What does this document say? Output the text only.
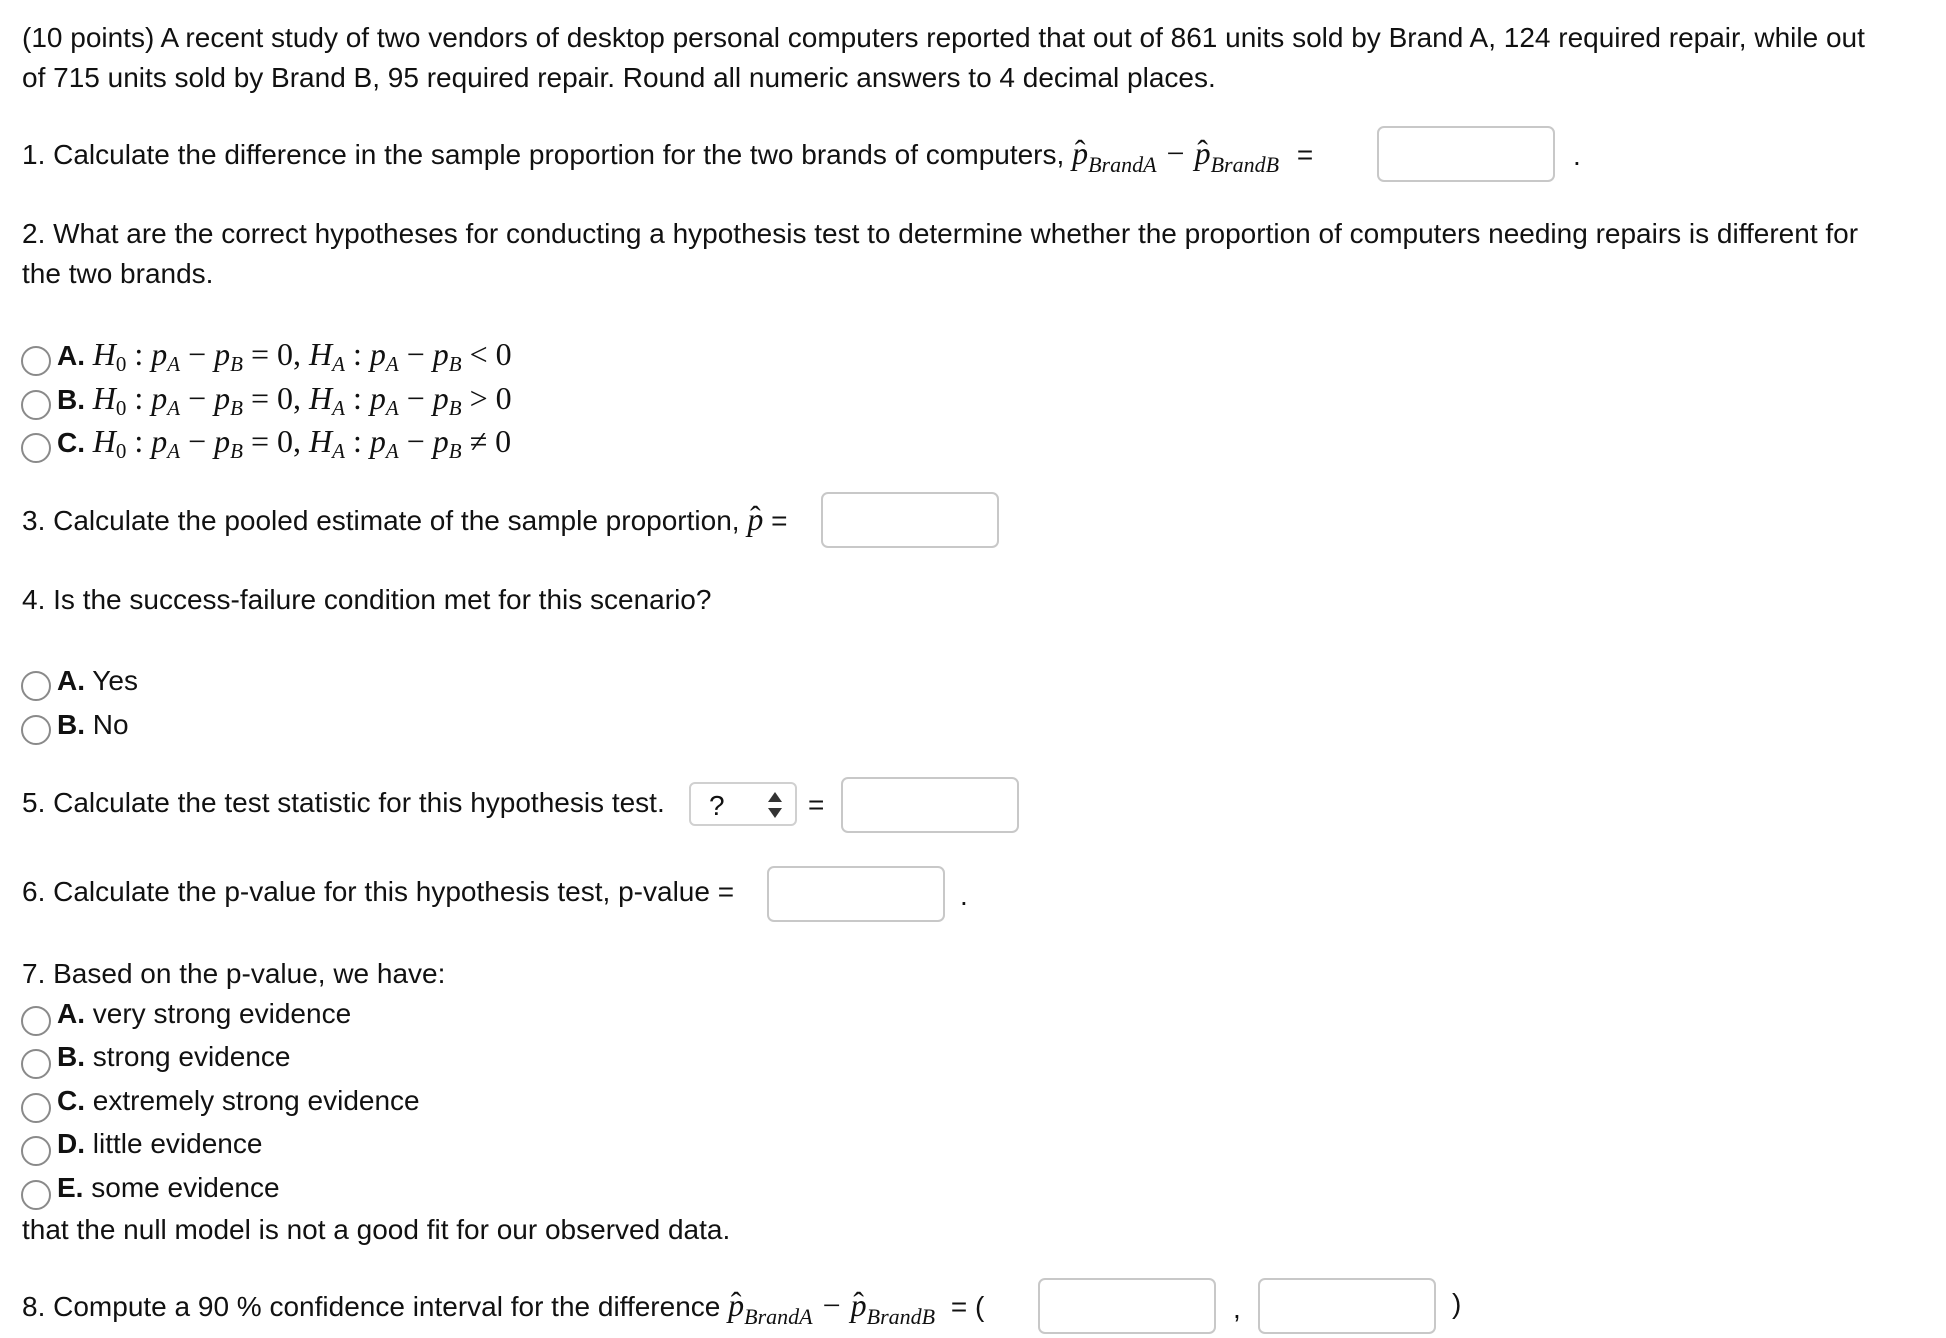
(10 points) A recent study of two vendors of desktop personal computers reported that out of 861 units sold by Brand A, 124 required repair, while out
of 715 units sold by Brand B, 95 required repair. Round all numeric answers to 4 decimal places.
1. Calculate the difference in the sample proportion for the two brands of computers, ̂ $p_{BrandA}$ − ̂ $p_{BrandB}$ =	.
2. What are the correct hypotheses for conducting a hypothesis test to determine whether the proportion of computers needing repairs is different for
the two brands.
A. $H_0$ : $p_A - p_B = 0$, $H_A$ : $p_A - p_B < 0$
B. $H_0$ : $p_A - p_B = 0$, $H_A$ : $p_A - p_B > 0$
C. $H_0$ : $p_A - p_B = 0$, $H_A$ : $p_A - p_B \ne 0$
3. Calculate the pooled estimate of the sample proportion, ̂ p =
4. Is the success-failure condition met for this scenario?
A. Yes
B. No
5. Calculate the test statistic for this hypothesis test. ?	=
6. Calculate the p-value for this hypothesis test, p-value =	.
7. Based on the p-value, we have:
A. very strong evidence
B. strong evidence
C. extremely strong evidence
D. little evidence
E. some evidence
that the null model is not a good fit for our observed data.
8. Compute a 90 % confidence interval for the difference ̂ $p_{BrandA}$ − ̂ $p_{BrandB}$ = (	,	)
